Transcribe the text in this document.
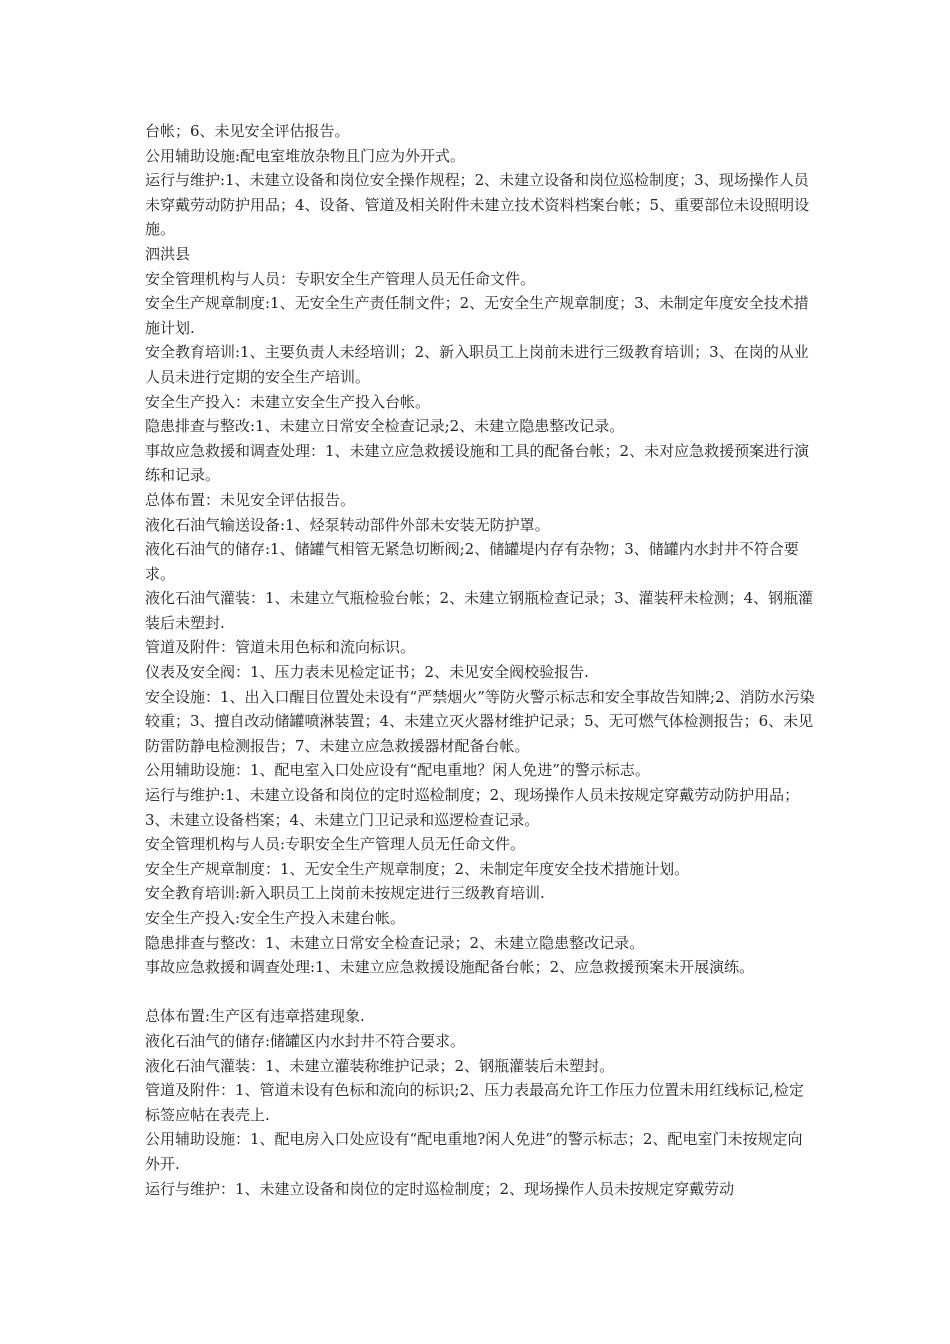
台帐；6、未见安全评估报告。

公用辅助设施:配电室堆放杂物且门应为外开式。

运行与维护:1、未建立设备和岗位安全操作规程；2、未建立设备和岗位巡检制度；3、现场操作人员未穿戴劳动防护用品；4、设备、管道及相关附件未建立技术资料档案台帐；5、重要部位未设照明设施。

泗洪县

安全管理机构与人员：专职安全生产管理人员无任命文件。

安全生产规章制度:1、无安全生产责任制文件；2、无安全生产规章制度；3、未制定年度安全技术措施计划.

安全教育培训:1、主要负责人未经培训；2、新入职员工上岗前未进行三级教育培训；3、在岗的从业人员未进行定期的安全生产培训。

安全生产投入：未建立安全生产投入台帐。

隐患排查与整改:1、未建立日常安全检查记录;2、未建立隐患整改记录。

事故应急救援和调查处理：1、未建立应急救援设施和工具的配备台帐；2、未对应急救援预案进行演练和记录。

总体布置：未见安全评估报告。

液化石油气输送设备:1、烃泵转动部件外部未安装无防护罩。

液化石油气的储存:1、储罐气相管无紧急切断阀;2、储罐堤内存有杂物；3、储罐内水封井不符合要求。

液化石油气灌装：1、未建立气瓶检验台帐；2、未建立钢瓶检查记录；3、灌装秤未检测；4、钢瓶灌装后未塑封.

管道及附件：管道未用色标和流向标识。

仪表及安全阀：1、压力表未见检定证书；2、未见安全阀校验报告.

安全设施：1、出入口醒目位置处未设有“严禁烟火”等防火警示标志和安全事故告知牌;2、消防水污染较重；3、擅自改动储罐喷淋装置；4、未建立灭火器材维护记录；5、无可燃气体检测报告；6、未见防雷防静电检测报告；7、未建立应急救援器材配备台帐。

公用辅助设施：1、配电室入口处应设有“配电重地？闲人免进”的警示标志。

运行与维护:1、未建立设备和岗位的定时巡检制度；2、现场操作人员未按规定穿戴劳动防护用品；3、未建立设备档案；4、未建立门卫记录和巡逻检查记录。

安全管理机构与人员:专职安全生产管理人员无任命文件。

安全生产规章制度：1、无安全生产规章制度；2、未制定年度安全技术措施计划。

安全教育培训:新入职员工上岗前未按规定进行三级教育培训.

安全生产投入:安全生产投入未建台帐。

隐患排查与整改：1、未建立日常安全检查记录；2、未建立隐患整改记录。

事故应急救援和调查处理:1、未建立应急救援设施配备台帐；2、应急救援预案未开展演练。

总体布置:生产区有违章搭建现象.

液化石油气的储存:储罐区内水封井不符合要求。

液化石油气灌装：1、未建立灌装称维护记录；2、钢瓶灌装后未塑封。

管道及附件：1、管道未设有色标和流向的标识;2、压力表最高允许工作压力位置未用红线标记,检定标签应帖在表壳上.

公用辅助设施：1、配电房入口处应设有“配电重地?闲人免进”的警示标志；2、配电室门未按规定向外开.

运行与维护：1、未建立设备和岗位的定时巡检制度；2、现场操作人员未按规定穿戴劳动
